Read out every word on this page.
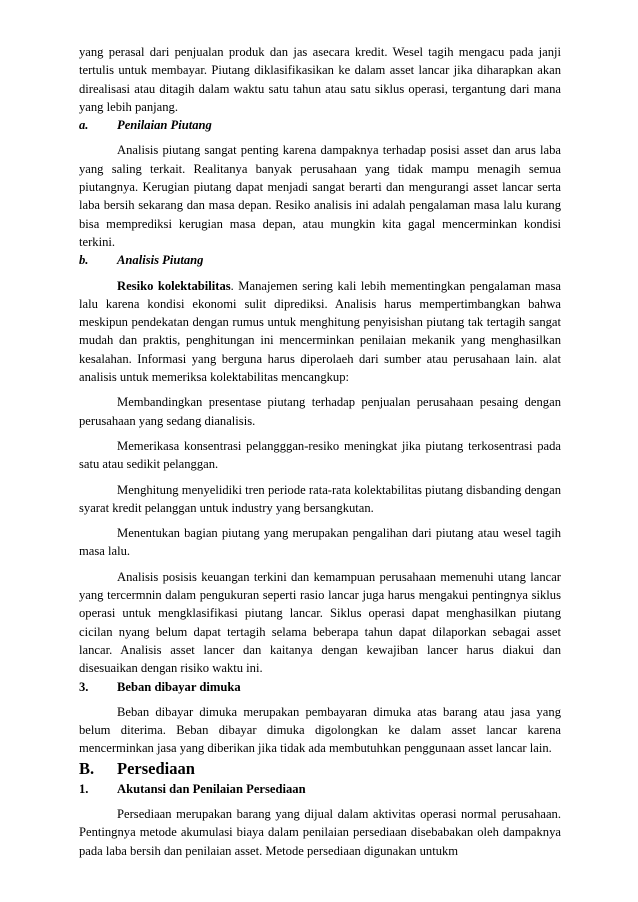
yang perasal dari penjualan produk dan jas asecara kredit. Wesel tagih mengacu pada janji tertulis untuk membayar. Piutang diklasifikasikan ke dalam asset lancar jika diharapkan akan direalisasi atau ditagih dalam waktu satu tahun atau satu siklus operasi, tergantung dari mana yang lebih panjang.

a. Penilaian Piutang

Analisis piutang sangat penting karena dampaknya terhadap posisi asset dan arus laba yang saling terkait. Realitanya banyak perusahaan yang tidak mampu menagih semua piutangnya. Kerugian piutang dapat menjadi sangat berarti dan mengurangi asset lancar serta laba bersih sekarang dan masa depan. Resiko analisis ini adalah pengalaman masa lalu kurang bisa memprediksi kerugian masa depan, atau mungkin kita gagal mencerminkan kondisi terkini.

b. Analisis Piutang

Resiko kolektabilitas. Manajemen sering kali lebih mementingkan pengalaman masa lalu karena kondisi ekonomi sulit diprediksi. Analisis harus mempertimbangkan bahwa meskipun pendekatan dengan rumus untuk menghitung penyisishan piutang tak tertagih sangat mudah dan praktis, penghitungan ini mencerminkan penilaian mekanik yang menghasilkan kesalahan. Informasi yang berguna harus diperolaeh dari sumber atau perusahaan lain. alat analisis untuk memeriksa kolektabilitas mencangkup:

Membandingkan presentase piutang terhadap penjualan perusahaan pesaing dengan perusahaan yang sedang dianalisis.

Memerikasa konsentrasi pelangggan-resiko meningkat jika piutang terkosentrasi pada satu atau sedikit pelanggan.

Menghitung menyelidiki tren periode rata-rata kolektabilitas piutang disbanding dengan syarat kredit pelanggan untuk industry yang bersangkutan.

Menentukan bagian piutang yang merupakan pengalihan dari piutang atau wesel tagih masa lalu.

Analisis posisis keuangan terkini dan kemampuan perusahaan memenuhi utang lancar yang tercermnin dalam pengukuran seperti rasio lancar juga harus mengakui pentingnya siklus operasi untuk mengklasifikasi piutang lancar. Siklus operasi dapat menghasilkan piutang cicilan nyang belum dapat tertagih selama beberapa tahun dapat dilaporkan sebagai asset lancar. Analisis asset lancer dan kaitanya dengan kewajiban lancer harus diakui dan disesuaikan dengan risiko waktu ini.

3. Beban dibayar dimuka

Beban dibayar dimuka merupakan pembayaran dimuka atas barang atau jasa yang belum diterima. Beban dibayar dimuka digolongkan ke dalam asset lancar karena mencerminkan jasa yang diberikan jika tidak ada membutuhkan penggunaan asset lancar lain.

B. Persediaan

1. Akutansi dan Penilaian Persediaan

Persediaan merupakan barang yang dijual dalam aktivitas operasi normal perusahaan. Pentingnya metode akumulasi biaya dalam penilaian persediaan disebabakan oleh dampaknya pada laba bersih dan penilaian asset. Metode persediaan digunakan untukm
